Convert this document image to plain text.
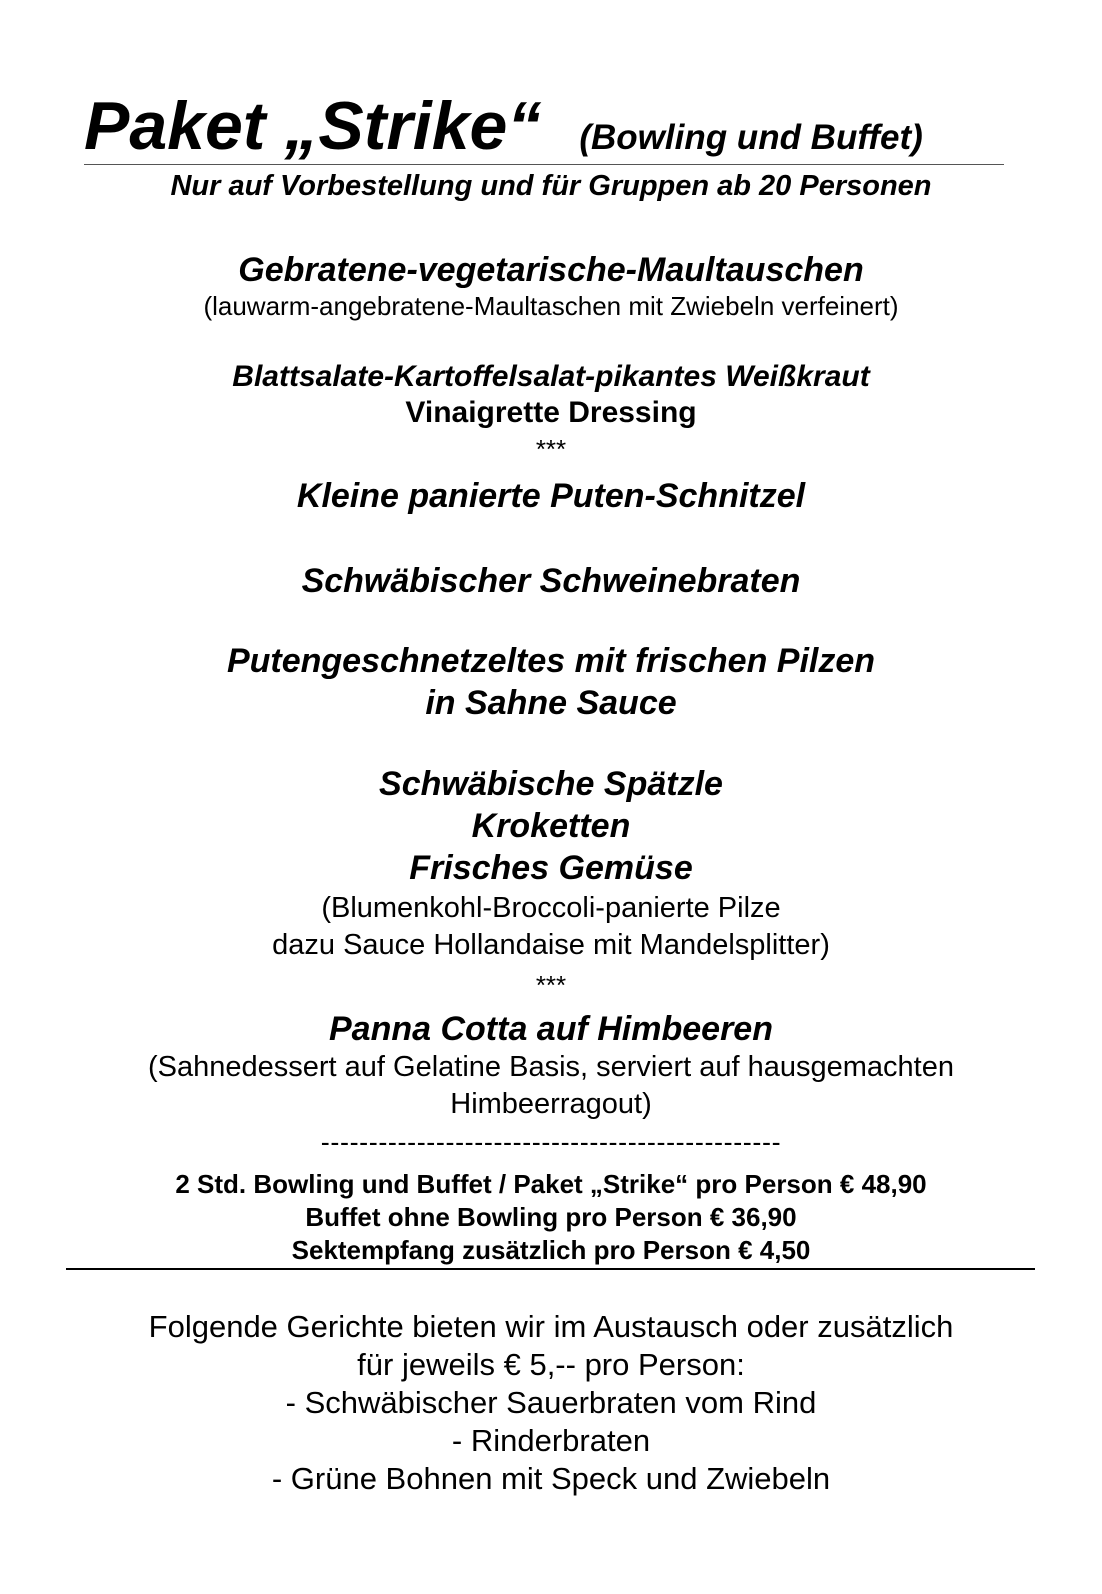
Paket „Strike“ (Bowling und Buffet)
Nur auf Vorbestellung und für Gruppen ab 20 Personen
Gebratene-vegetarische-Maultauschen
(lauwarm-angebratene-Maultaschen mit Zwiebeln verfeinert)
Blattsalate-Kartoffelsalat-pikantes Weißkraut
Vinaigrette Dressing
***
Kleine panierte Puten-Schnitzel
Schwäbischer Schweinebraten
Putengeschnetzeltes mit frischen Pilzen
in Sahne Sauce
Schwäbische Spätzle
Kroketten
Frisches Gemüse
(Blumenkohl-Broccoli-panierte Pilze
dazu Sauce Hollandaise mit Mandelsplitter)
***
Panna Cotta auf Himbeeren
(Sahnedessert auf Gelatine Basis, serviert auf hausgemachten
Himbeerragout)
------------------------------------------------
2 Std. Bowling und Buffet / Paket „Strike“ pro Person € 48,90
Buffet ohne Bowling pro Person € 36,90
Sektempfang zusätzlich pro Person € 4,50
Folgende Gerichte bieten wir im Austausch oder zusätzlich
für jeweils € 5,-- pro Person:
- Schwäbischer Sauerbraten vom Rind
- Rinderbraten
- Grüne Bohnen mit Speck und Zwiebeln
